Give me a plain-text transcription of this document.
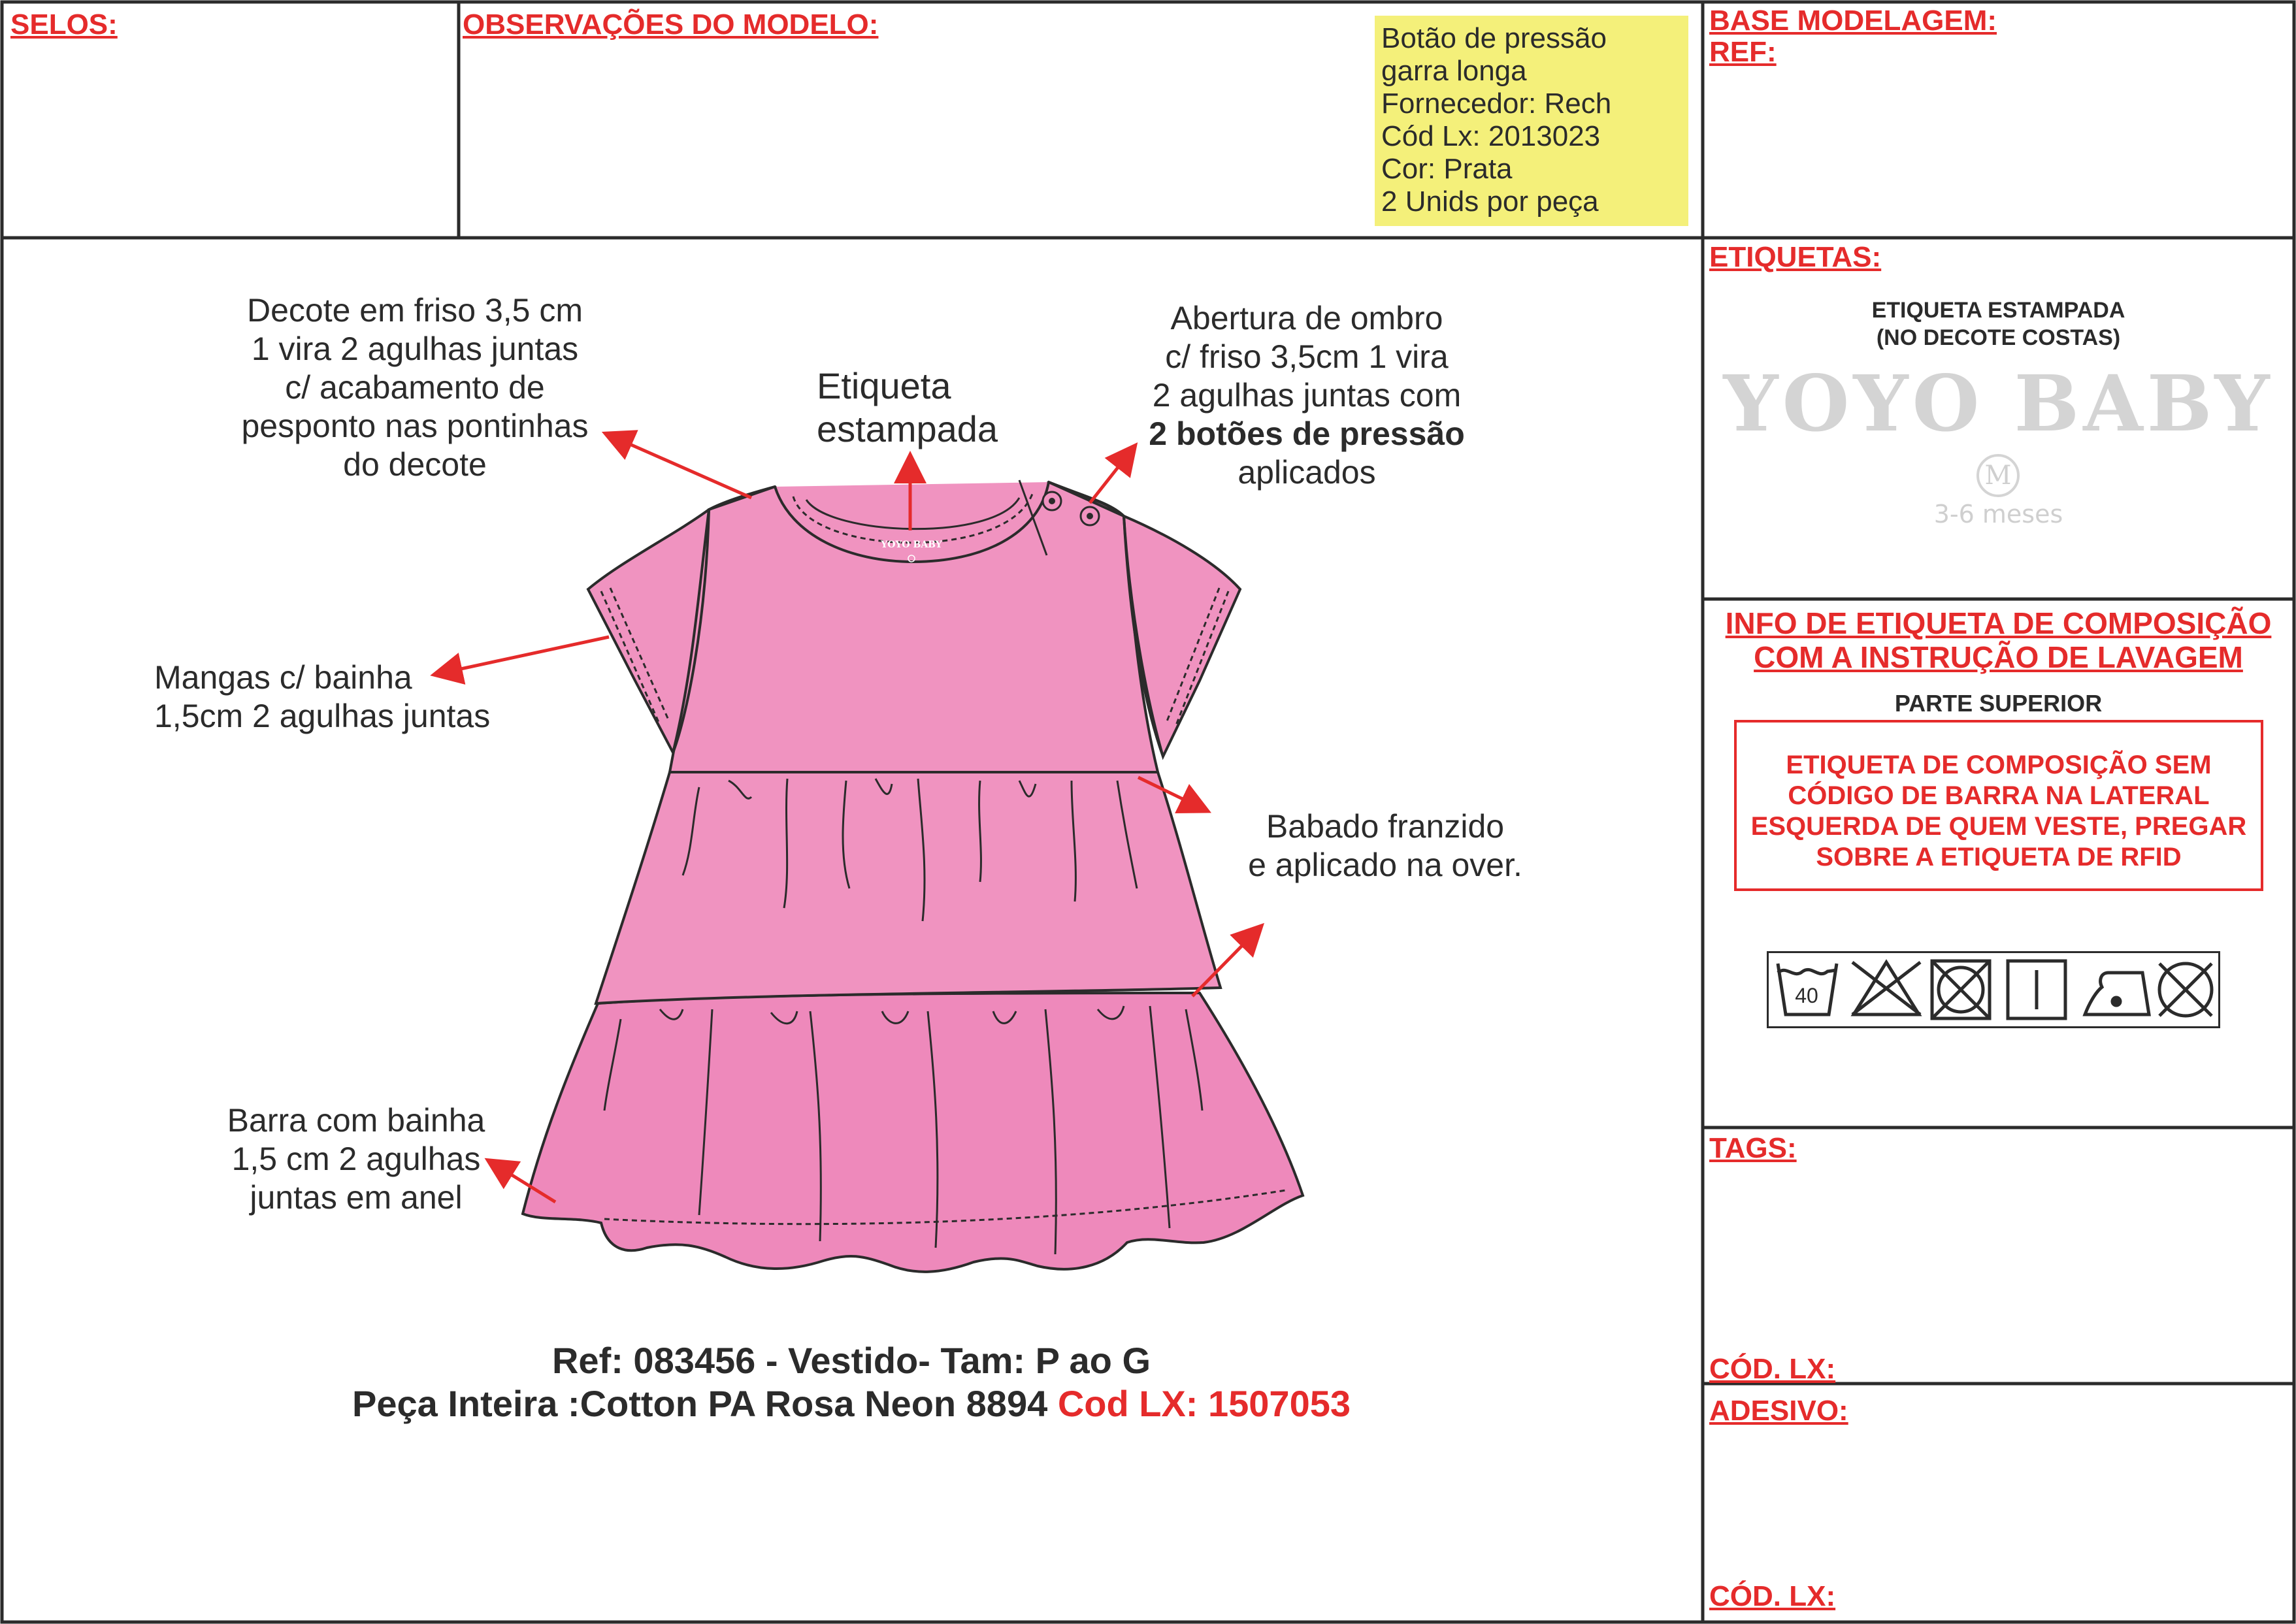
SELOS:	OBSERVAÇÕES DO MODELO:	BASE MODELAGEM:
REF:
Botão de pressão
garra longa
Fornecedor: Rech
Cód Lx: 2013023
Cor: Prata
2 Unids por peça
Decote em friso 3,5 cm
1 vira 2 agulhas juntas
c/ acabamento de
pesponto nas pontinhas
do decote
Etiqueta
estampada
Abertura de ombro
c/ friso 3,5cm 1 vira
2 agulhas juntas com
2 botões de pressão
aplicados
Mangas c/ bainha
1,5cm 2 agulhas juntas
Babado franzido
e aplicado na over.
Barra com bainha
1,5 cm 2 agulhas
juntas em anel
YOYO BABY
Ref: 083456 - Vestido- Tam: P ao G
Peça Inteira :Cotton PA Rosa Neon 8894 Cod LX: 1507053
ETIQUETAS:
ETIQUETA ESTAMPADA
(NO DECOTE COSTAS)
YOYO BABY
M
3-6 meses
INFO DE ETIQUETA DE COMPOSIÇÃO
COM A INSTRUÇÃO DE LAVAGEM
PARTE SUPERIOR
ETIQUETA DE COMPOSIÇÃO SEM
CÓDIGO DE BARRA NA LATERAL
ESQUERDA DE QUEM VESTE, PREGAR
SOBRE A ETIQUETA DE RFID
40
TAGS:
CÓD. LX:
ADESIVO:
CÓD. LX:
